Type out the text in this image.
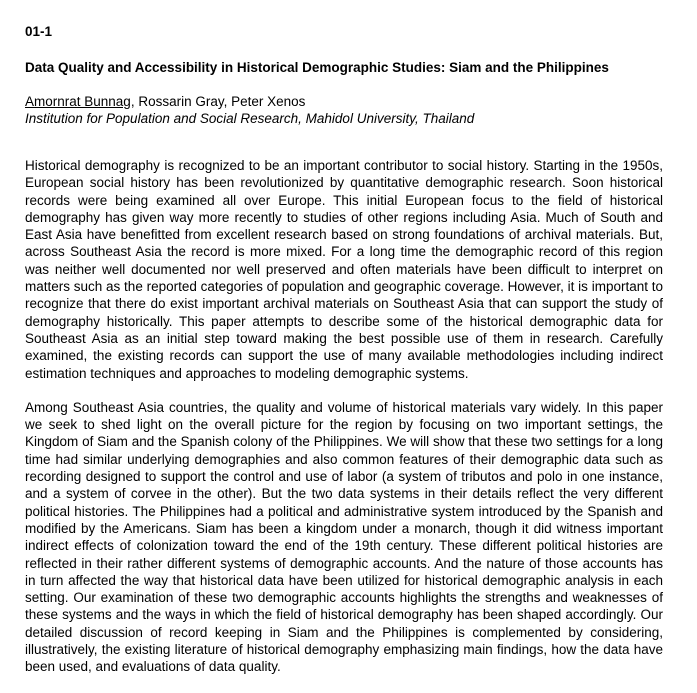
01-1

Data Quality and Accessibility in Historical Demographic Studies: Siam and the Philippines

Amornrat Bunnag, Rossarin Gray, Peter Xenos

Institution for Population and Social Research, Mahidol University, Thailand

Historical demography is recognized to be an important contributor to social history. Starting in the 1950s, European social history has been revolutionized by quantitative demographic research. Soon historical records were being examined all over Europe. This initial European focus to the field of historical demography has given way more recently to studies of other regions including Asia. Much of South and East Asia have benefitted from excellent research based on strong foundations of archival materials. But, across Southeast Asia the record is more mixed. For a long time the demographic record of this region was neither well documented nor well preserved and often materials have been difficult to interpret on matters such as the reported categories of population and geographic coverage. However, it is important to recognize that there do exist important archival materials on Southeast Asia that can support the study of demography historically. This paper attempts to describe some of the historical demographic data for Southeast Asia as an initial step toward making the best possible use of them in research. Carefully examined, the existing records can support the use of many available methodologies including indirect estimation techniques and approaches to modeling demographic systems.

Among Southeast Asia countries, the quality and volume of historical materials vary widely. In this paper we seek to shed light on the overall picture for the region by focusing on two important settings, the Kingdom of Siam and the Spanish colony of the Philippines. We will show that these two settings for a long time had similar underlying demographies and also common features of their demographic data such as recording designed to support the control and use of labor (a system of tributos and polo in one instance, and a system of corvee in the other). But the two data systems in their details reflect the very different political histories. The Philippines had a political and administrative system introduced by the Spanish and modified by the Americans. Siam has been a kingdom under a monarch, though it did witness important indirect effects of colonization toward the end of the 19th century. These different political histories are reflected in their rather different systems of demographic accounts. And the nature of those accounts has in turn affected the way that historical data have been utilized for historical demographic analysis in each setting. Our examination of these two demographic accounts highlights the strengths and weaknesses of these systems and the ways in which the field of historical demography has been shaped accordingly. Our detailed discussion of record keeping in Siam and the Philippines is complemented by considering, illustratively, the existing literature of historical demography emphasizing main findings, how the data have been used, and evaluations of data quality.
